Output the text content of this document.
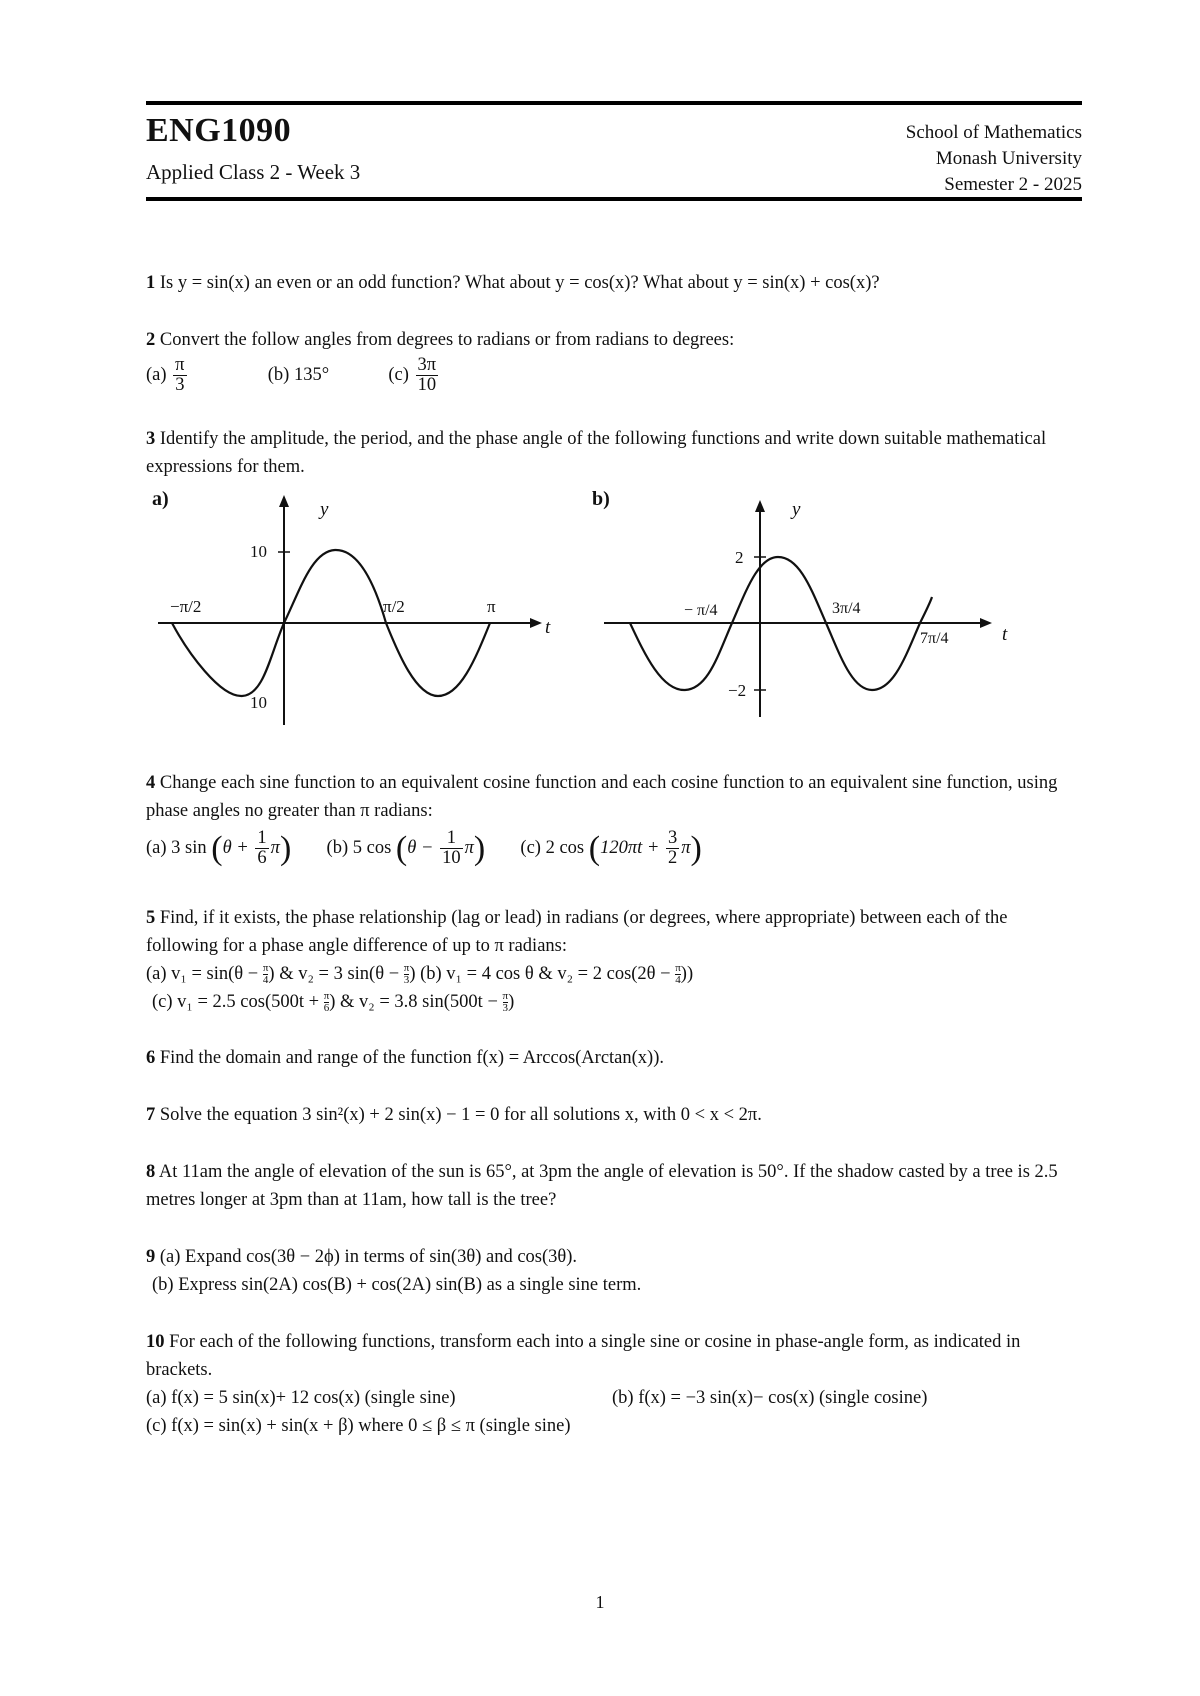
ENG1090
Applied Class 2 - Week 3
School of Mathematics
Monash University
Semester 2 - 2025
1 Is y = sin(x) an even or an odd function? What about y = cos(x)? What about y = sin(x) + cos(x)?
2 Convert the follow angles from degrees to radians or from radians to degrees:
$(a) \frac{\pi}{3}$	(b) 135°	$(c) \frac{3\pi}{10}$
3 Identify the amplitude, the period, and the phase angle of the following functions and write down suitable mathematical expressions for them.
a)	y
t
10
10
−π/2	π/2	π
b)	y
t
2
−2
− π/4	3π/4
7π/4
4 Change each sine function to an equivalent cosine function and each cosine function to an equivalent sine function, using phase angles no greater than π radians:
(a) 3 $\sin (\theta + \frac{1}{6} \pi)$ (b) 5 $\cos (\theta - \frac{1}{10} \pi)$ (c) 2 $\cos (120\pi t + \frac{3}{2} \pi)$
5 Find, if it exists, the phase relationship (lag or lead) in radians (or degrees, where appropriate) between each of the following for a phase angle difference of up to π radians:
(a) $v_1 = \sin(\theta - \frac{\pi}{4}$ ) & v₂ = 3 $\sin(\theta - \frac{\pi}{3}$ ) (b) v₁ = 4 cos θ & v₂ = 2 $\cos(2\theta - \frac{\pi}{4}$ ))
(c) v₁ = 2.5 $\cos(500t + \frac{\pi}{6}$ ) & v₂ = 3.8 $\sin(500t - \frac{\pi}{3}$ )
6 Find the domain and range of the function f(x) = Arccos(Arctan(x)).
7 Solve the equation 3 sin²(x) + 2 sin(x) − 1 = 0 for all solutions x, with 0 < x < 2π.
8 At 11am the angle of elevation of the sun is 65°, at 3pm the angle of elevation is 50°. If the shadow casted by a tree is 2.5 metres longer at 3pm than at 11am, how tall is the tree?
9 (a) Expand cos(3θ − 2ϕ) in terms of sin(3θ) and cos(3θ).
(b) Express sin(2A) cos(B) + cos(2A) sin(B) as a single sine term.
10 For each of the following functions, transform each into a single sine or cosine in phase-angle form, as indicated in brackets.
(a) f(x) = 5 sin(x)+ 12 cos(x) (single sine)	(b) f(x) = −3 sin(x)− cos(x) (single cosine)
(c) f(x) = sin(x) + sin(x + β) where 0 ≤ β ≤ π (single sine)
1
